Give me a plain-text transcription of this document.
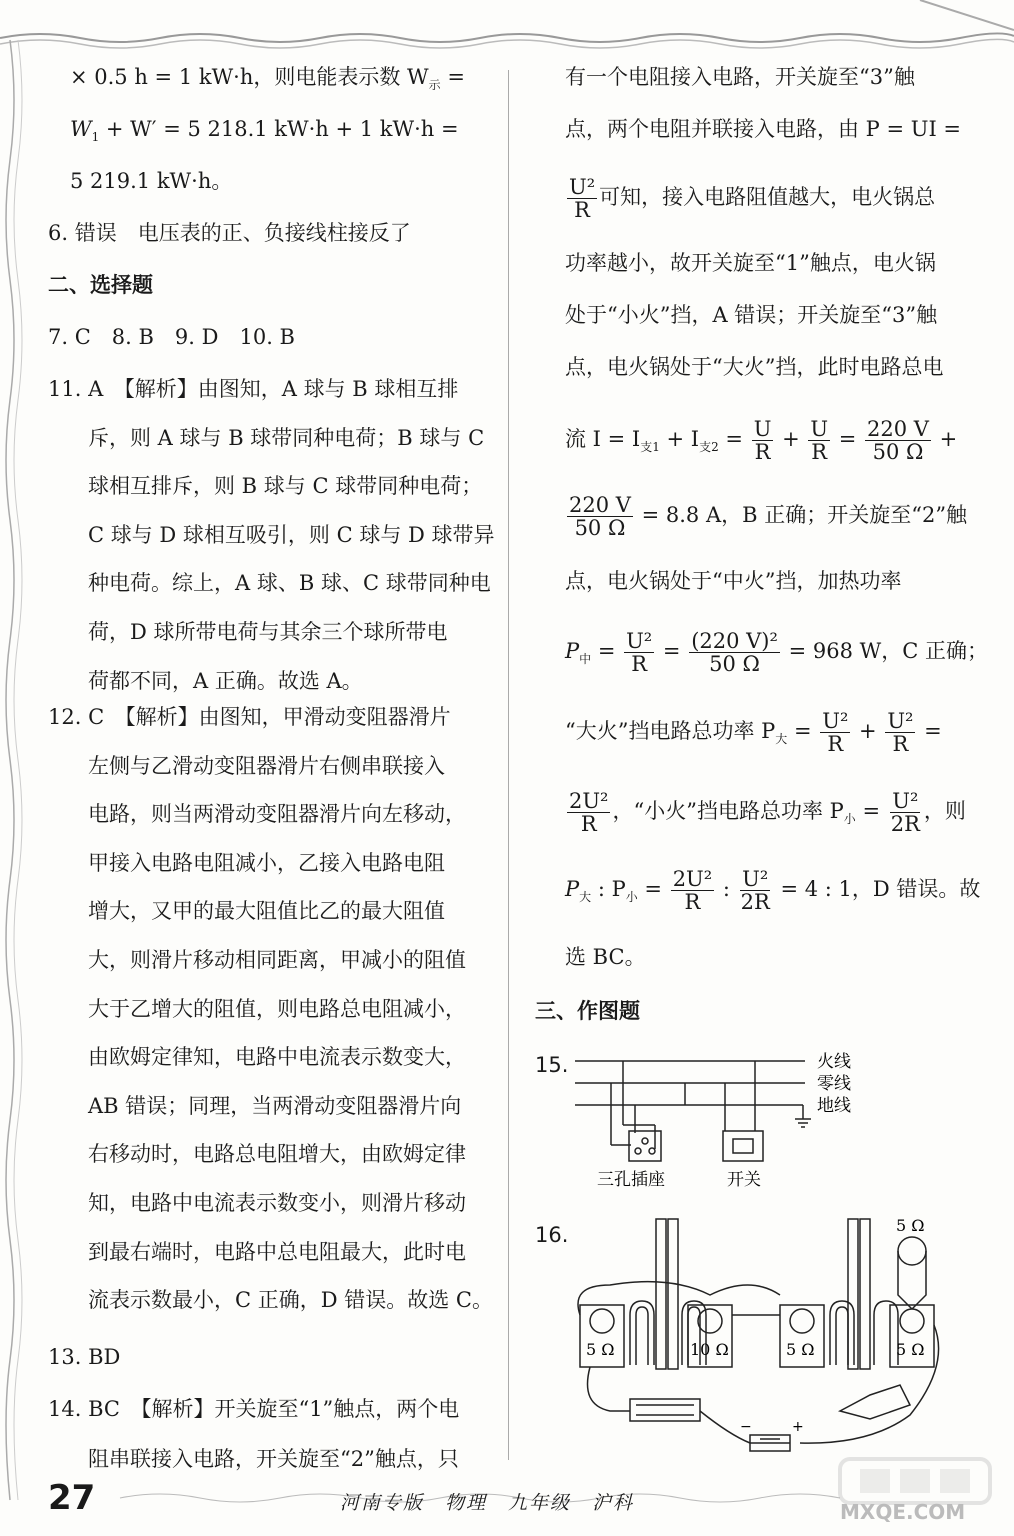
× 0.5 h = 1 kW·h，则电能表示数 $W_示$ =
$W_1 + W' = 5$ 218.1 kW·h + 1 kW·h =
5 219.1 kW·h。
6. 错误　电压表的正、负接线柱接反了
二、选择题
7. C　8. B　9. D　10. B
11. A　【解析】由图知，A 球与 B 球相互排
斥，则 A 球与 B 球带同种电荷；B 球与 C
球相互排斥，则 B 球与 C 球带同种电荷；
C 球与 D 球相互吸引，则 C 球与 D 球带异
种电荷。综上，A 球、B 球、C 球带同种电
荷，D 球所带电荷与其余三个球所带电
荷都不同，A 正确。故选 A。
12. C　【解析】由图知，甲滑动变阻器滑片
左侧与乙滑动变阻器滑片右侧串联接入
电路，则当两滑动变阻器滑片向左移动，
甲接入电路电阻减小，乙接入电路电阻
增大，又甲的最大阻值比乙的最大阻值
大，则滑片移动相同距离，甲减小的阻值
大于乙增大的阻值，则电路总电阻减小，
由欧姆定律知，电路中电流表示数变大，
AB 错误；同理，当两滑动变阻器滑片向
右移动时，电路总电阻增大，由欧姆定律
知，电路中电流表示数变小，则滑片移动
到最右端时，电路中总电阻最大，此时电
流表示数最小，C 正确，D 错误。故选 C。
13. BD
14. BC　【解析】开关旋至“1”触点，两个电
阻串联接入电路，开关旋至“2”触点，只
有一个电阻接入电路，开关旋至“3”触
点，两个电阻并联接入电路，由 P = UI =
$\frac{\text{U²}}{R}$ 可知，接入电路阻值越大，电火锅总
功率越小，故开关旋至“1”触点，电火锅
处于“小火”挡，A 错误；开关旋至“3”触
点，电火锅处于“大火”挡，此时电路总电
流 $I = I_{支1} + I_{支2} = \frac{U}{R} + \frac{U}{R} = \frac{220 V}{50 \Omega}$ +
$\frac{220 V}{50 \Omega} = 8.8$ A，B 正确；开关旋至“2”触
点，电火锅处于“中火”挡，加热功率
$P_中 = \frac{\text{U²}}{R} = \frac{\text{(220 V)²}}{50 \Omega} = 968$ W，C 正确；
“大火”挡电路总功率 $P_大 = \frac{\text{U²}}{R} + \frac{\text{U²}}{R}$ =
$\frac{\text{2U²}}{R}$ ，“小火”挡电路总功率 $P_小 = \frac{\text{U²}}{2R}$ ，则
$P_大$ : $P_小 = \frac{\text{2U²}}{R}$ : $\frac{\text{U²}}{2R} = 4$ : 1，D 错误。故
选 BC。
三、作图题
15.
16.
火线
零线
地线
三孔插座	开关
5 Ω	10 Ω	5 Ω	5 Ω
5 Ω
−	+
27	河南专版　物理　九年级　沪科	MXQE.COM
